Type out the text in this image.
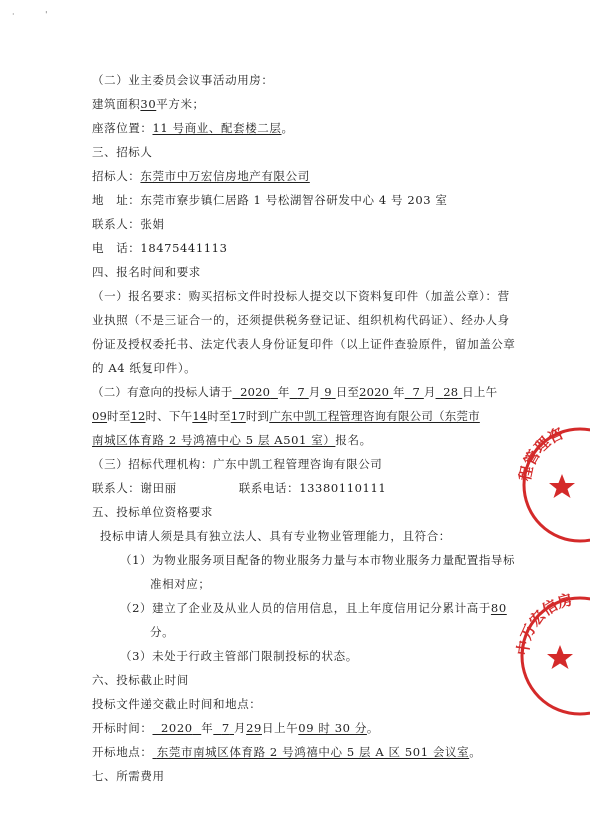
· '
（二）业主委员会议事活动用房：
建筑面积30平方米；
座落位置：11 号商业、配套楼二层。
三、招标人
招标人：东莞市中万宏信房地产有限公司
地　址：东莞市寮步镇仁居路 1 号松湖智谷研发中心 4 号 203 室
联系人：张娟
电　话：18475441113
四、报名时间和要求
（一）报名要求：购买招标文件时投标人提交以下资料复印件（加盖公章）：营
业执照（不是三证合一的，还须提供税务登记证、组织机构代码证）、经办人身
份证及授权委托书、法定代表人身份证复印件（以上证件查验原件，留加盖公章
的 A4 纸复印件）。
（二）有意向的投标人请于 2020 年 7 月 9 日至2020 年 7 月 28 日上午
09时至12时、下午14时至17时到广东中凯工程管理咨询有限公司（东莞市
南城区体育路 2 号鸿禧中心 5 层 A501 室）报名。
（三）招标代理机构：广东中凯工程管理咨询有限公司
联系人：谢田丽	联系电话：13380110111
五、投标单位资格要求
投标申请人须是具有独立法人、具有专业物业管理能力，且符合：
（1）为物业服务项目配备的物业服务力量与本市物业服务力量配置指导标
准相对应；
（2）建立了企业及从业人员的信用信息，且上年度信用记分累计高于80
分。
（3）未处于行政主管部门限制投标的状态。
六、投标截止时间
投标文件递交截止时间和地点：
开标时间： 2020 年 7 月29日上午09 时 30 分。
开标地点： 东莞市南城区体育路 2 号鸿禧中心 5 层 A 区 501 会议室。
七、所需费用
程管理咨
中万宏信房
